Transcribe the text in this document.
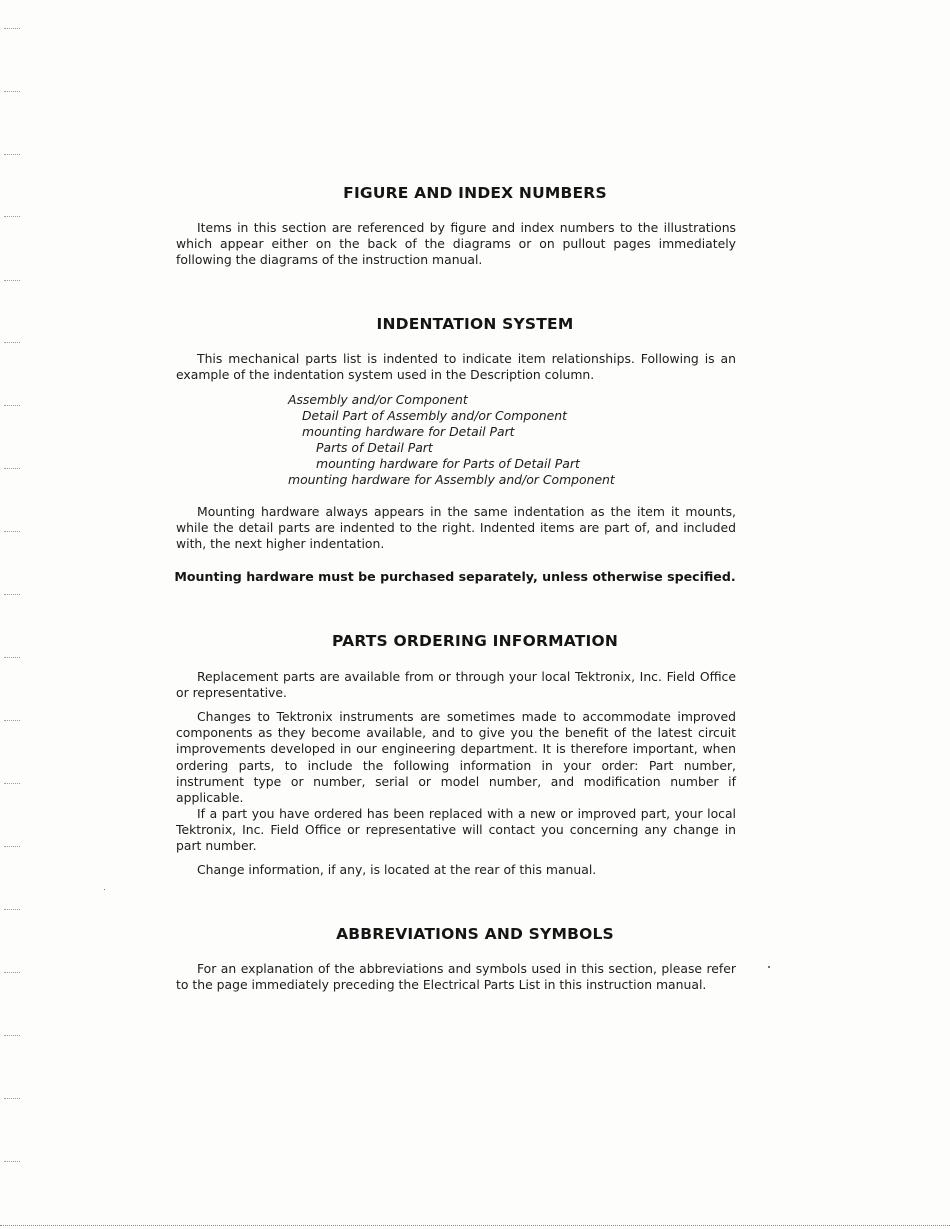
FIGURE AND INDEX NUMBERS

Items in this section are referenced by figure and index numbers to the illustrations which appear either on the back of the diagrams or on pullout pages immediately following the diagrams of the instruction manual.

INDENTATION SYSTEM

This mechanical parts list is indented to indicate item relationships. Following is an example of the indentation system used in the Description column.

Assembly and/or Component
Detail Part of Assembly and/or Component
mounting hardware for Detail Part
Parts of Detail Part
mounting hardware for Parts of Detail Part
mounting hardware for Assembly and/or Component

Mounting hardware always appears in the same indentation as the item it mounts, while the detail parts are indented to the right. Indented items are part of, and included with, the next higher indentation.

Mounting hardware must be purchased separately, unless otherwise specified.
PARTS ORDERING INFORMATION

Replacement parts are available from or through your local Tektronix, Inc. Field Office or representative.

Changes to Tektronix instruments are sometimes made to accommodate improved components as they become available, and to give you the benefit of the latest circuit improvements developed in our engineering department. It is therefore important, when ordering parts, to include the following information in your order: Part number, instrument type or number, serial or model number, and modification number if applicable.

If a part you have ordered has been replaced with a new or improved part, your local Tektronix, Inc. Field Office or representative will contact you concerning any change in part number.

Change information, if any, is located at the rear of this manual.

ABBREVIATIONS AND SYMBOLS

For an explanation of the abbreviations and symbols used in this section, please refer to the page immediately preceding the Electrical Parts List in this instruction manual.
